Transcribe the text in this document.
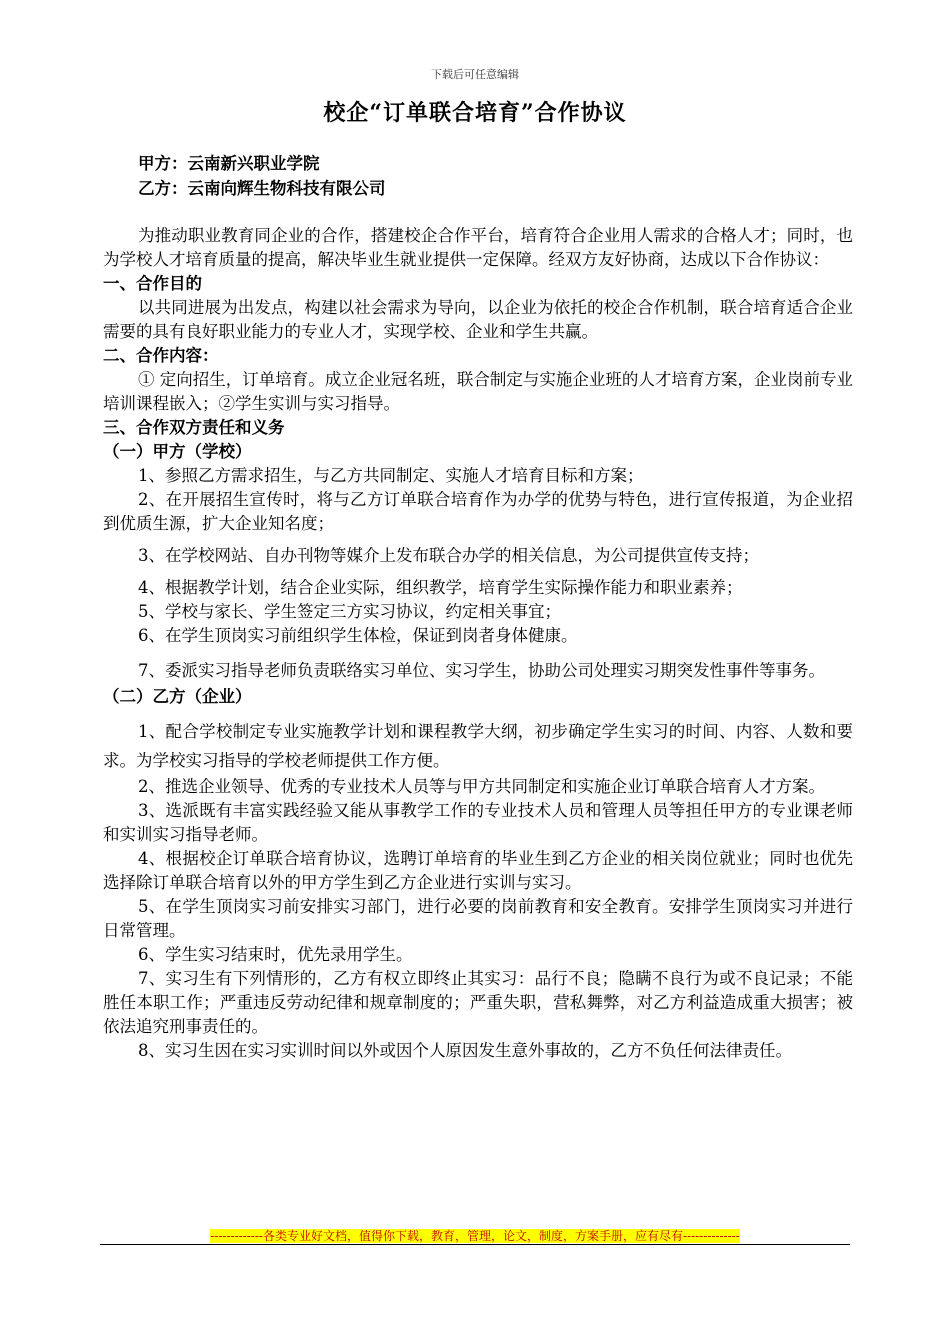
下载后可任意编辑
校企“订单联合培育”合作协议
甲方：云南新兴职业学院
乙方：云南向辉生物科技有限公司

为推动职业教育同企业的合作，搭建校企合作平台，培育符合企业用人需求的合格人才；同时，也为学校人才培育质量的提高，解决毕业生就业提供一定保障。经双方友好协商，达成以下合作协议：

一、合作目的

以共同进展为出发点，构建以社会需求为导向，以企业为依托的校企合作机制，联合培育适合企业需要的具有良好职业能力的专业人才，实现学校、企业和学生共赢。

二、合作内容：

① 定向招生，订单培育。成立企业冠名班，联合制定与实施企业班的人才培育方案，企业岗前专业培训课程嵌入；②学生实训与实习指导。

三、合作双方责任和义务

（一）甲方（学校）

1、参照乙方需求招生，与乙方共同制定、实施人才培育目标和方案；

2、在开展招生宣传时，将与乙方订单联合培育作为办学的优势与特色，进行宣传报道，为企业招到优质生源，扩大企业知名度；

3、在学校网站、自办刊物等媒介上发布联合办学的相关信息，为公司提供宣传支持；

4、根据教学计划，结合企业实际，组织教学，培育学生实际操作能力和职业素养；

5、学校与家长、学生签定三方实习协议，约定相关事宜；

6、在学生顶岗实习前组织学生体检，保证到岗者身体健康。

7、委派实习指导老师负责联络实习单位、实习学生，协助公司处理实习期突发性事件等事务。

（二）乙方（企业）

1、配合学校制定专业实施教学计划和课程教学大纲，初步确定学生实习的时间、内容、人数和要求。为学校实习指导的学校老师提供工作方便。

2、推选企业领导、优秀的专业技术人员等与甲方共同制定和实施企业订单联合培育人才方案。

3、选派既有丰富实践经验又能从事教学工作的专业技术人员和管理人员等担任甲方的专业课老师和实训实习指导老师。

4、根据校企订单联合培育协议，选聘订单培育的毕业生到乙方企业的相关岗位就业；同时也优先选择除订单联合培育以外的甲方学生到乙方企业进行实训与实习。

5、在学生顶岗实习前安排实习部门，进行必要的岗前教育和安全教育。安排学生顶岗实习并进行日常管理。

6、学生实习结束时，优先录用学生。

7、实习生有下列情形的，乙方有权立即终止其实习：品行不良；隐瞒不良行为或不良记录；不能胜任本职工作；严重违反劳动纪律和规章制度的；严重失职，营私舞弊，对乙方利益造成重大损害；被依法追究刑事责任的。

8、实习生因在实习实训时间以外或因个人原因发生意外事故的，乙方不负任何法律责任。

-------------各类专业好文档，值得你下载，教育，管理，论文，制度，方案手册，应有尽有--------------
